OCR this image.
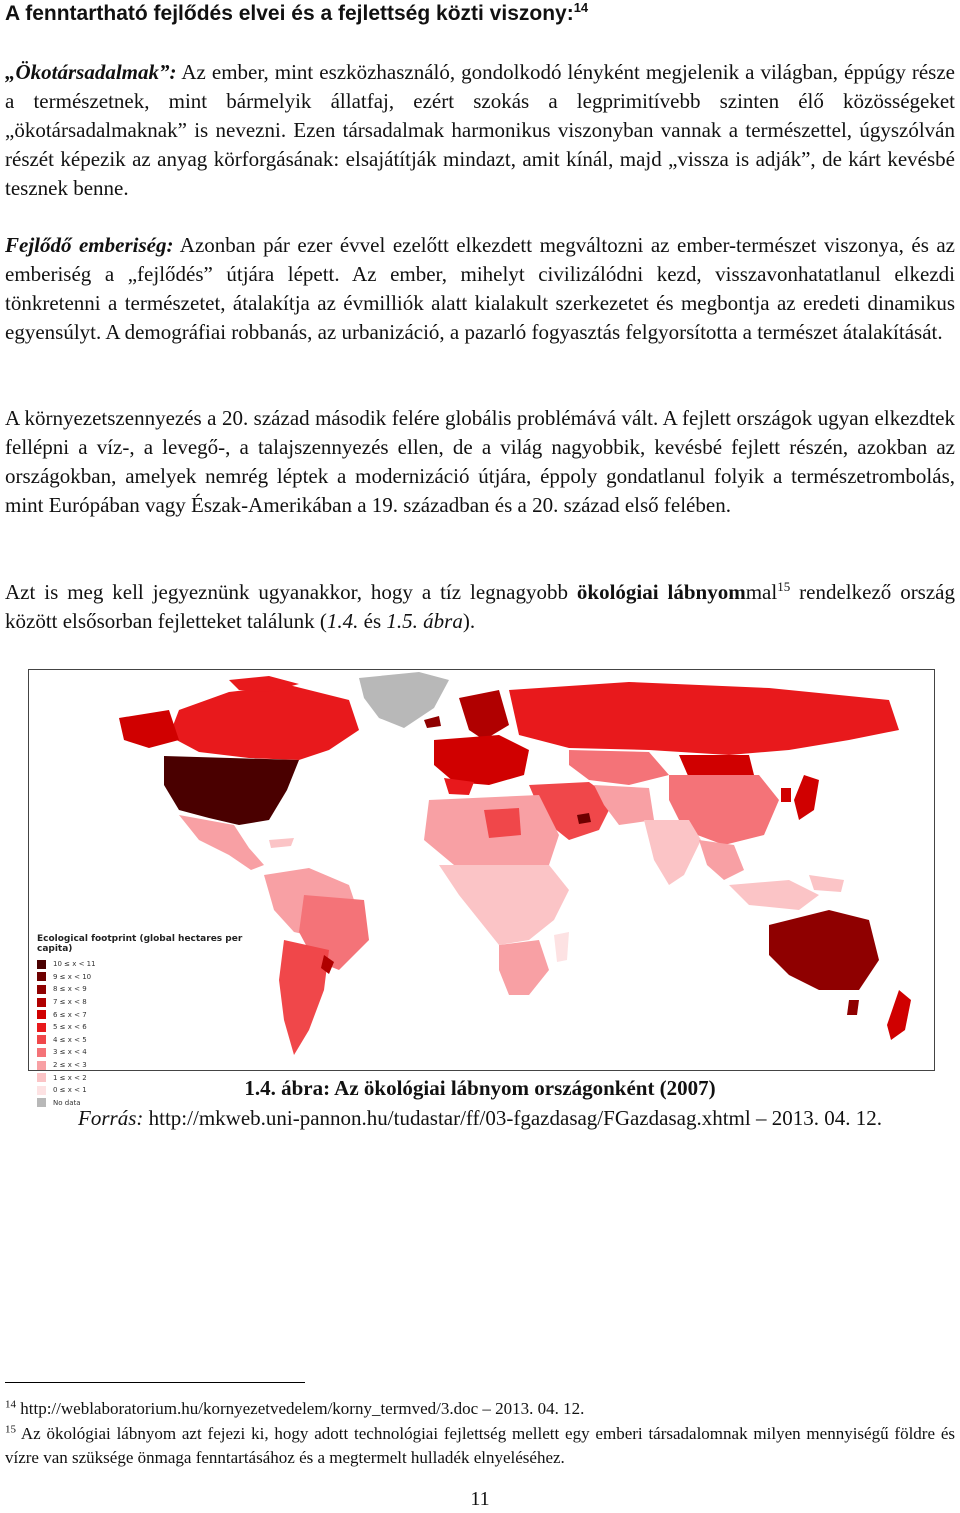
A fenntartható fejlődés elvei és a fejlettség közti viszony:$^{14}$

„Ökotársadalmak”: Az ember, mint eszközhasználó, gondolkodó lényként megjelenik a világban, éppúgy része a természetnek, mint bármelyik állatfaj, ezért szokás a legprimitívebb szinten élő közösségeket „ökotársadalmaknak” is nevezni. Ezen társadalmak harmonikus viszonyban vannak a természettel, úgyszólván részét képezik az anyag körforgásának: elsajátítják mindazt, amit kínál, majd „vissza is adják”, de kárt kevésbé tesznek benne.

Fejlődő emberiség: Azonban pár ezer évvel ezelőtt elkezdett megváltozni az ember-természet viszonya, és az emberiség a „fejlődés” útjára lépett. Az ember, mihelyt civilizálódni kezd, visszavonhatatlanul elkezdi tönkretenni a természetet, átalakítja az évmilliók alatt kialakult szerkezetet és megbontja az eredeti dinamikus egyensúlyt. A demográfiai robbanás, az urbanizáció, a pazarló fogyasztás felgyorsította a természet átalakítását.

A környezetszennyezés a 20. század második felére globális problémává vált. A fejlett országok ugyan elkezdtek fellépni a víz-, a levegő-, a talajszennyezés ellen, de a világ nagyobbik, kevésbé fejlett részén, azokban az országokban, amelyek nemrég léptek a modernizáció útjára, éppoly gondatlanul folyik a természetrombolás, mint Európában vagy Észak-Amerikában a 19. században és a 20. század első felében.

Azt is meg kell jegyeznünk ugyanakkor, hogy a tíz legnagyobb ökológiai lábnyommal$^{15}$ rendelkező ország között elsősorban fejletteket találunk (1.4. és 1.5. ábra).

Ecological footprint (global hectares per capita)
10 ≤ x < 11
9 ≤ x < 10
8 ≤ x < 9
7 ≤ x < 8
6 ≤ x < 7
5 ≤ x < 6
4 ≤ x < 5
3 ≤ x < 4
2 ≤ x < 3
1 ≤ x < 2
0 ≤ x < 1
No data
1.4. ábra: Az ökológiai lábnyom országonként (2007)
Forrás: http://mkweb.uni-pannon.hu/tudastar/ff/03-fgazdasag/FGazdasag.xhtml – 2013. 04. 12.
$^{14}$ http://weblaboratorium.hu/kornyezetvedelem/korny_termved/3.doc – 2013. 04. 12.
$^{15}$ Az ökológiai lábnyom azt fejezi ki, hogy adott technológiai fejlettség mellett egy emberi társadalomnak milyen mennyiségű földre és vízre van szüksége önmaga fenntartásához és a megtermelt hulladék elnyeléséhez.
11
